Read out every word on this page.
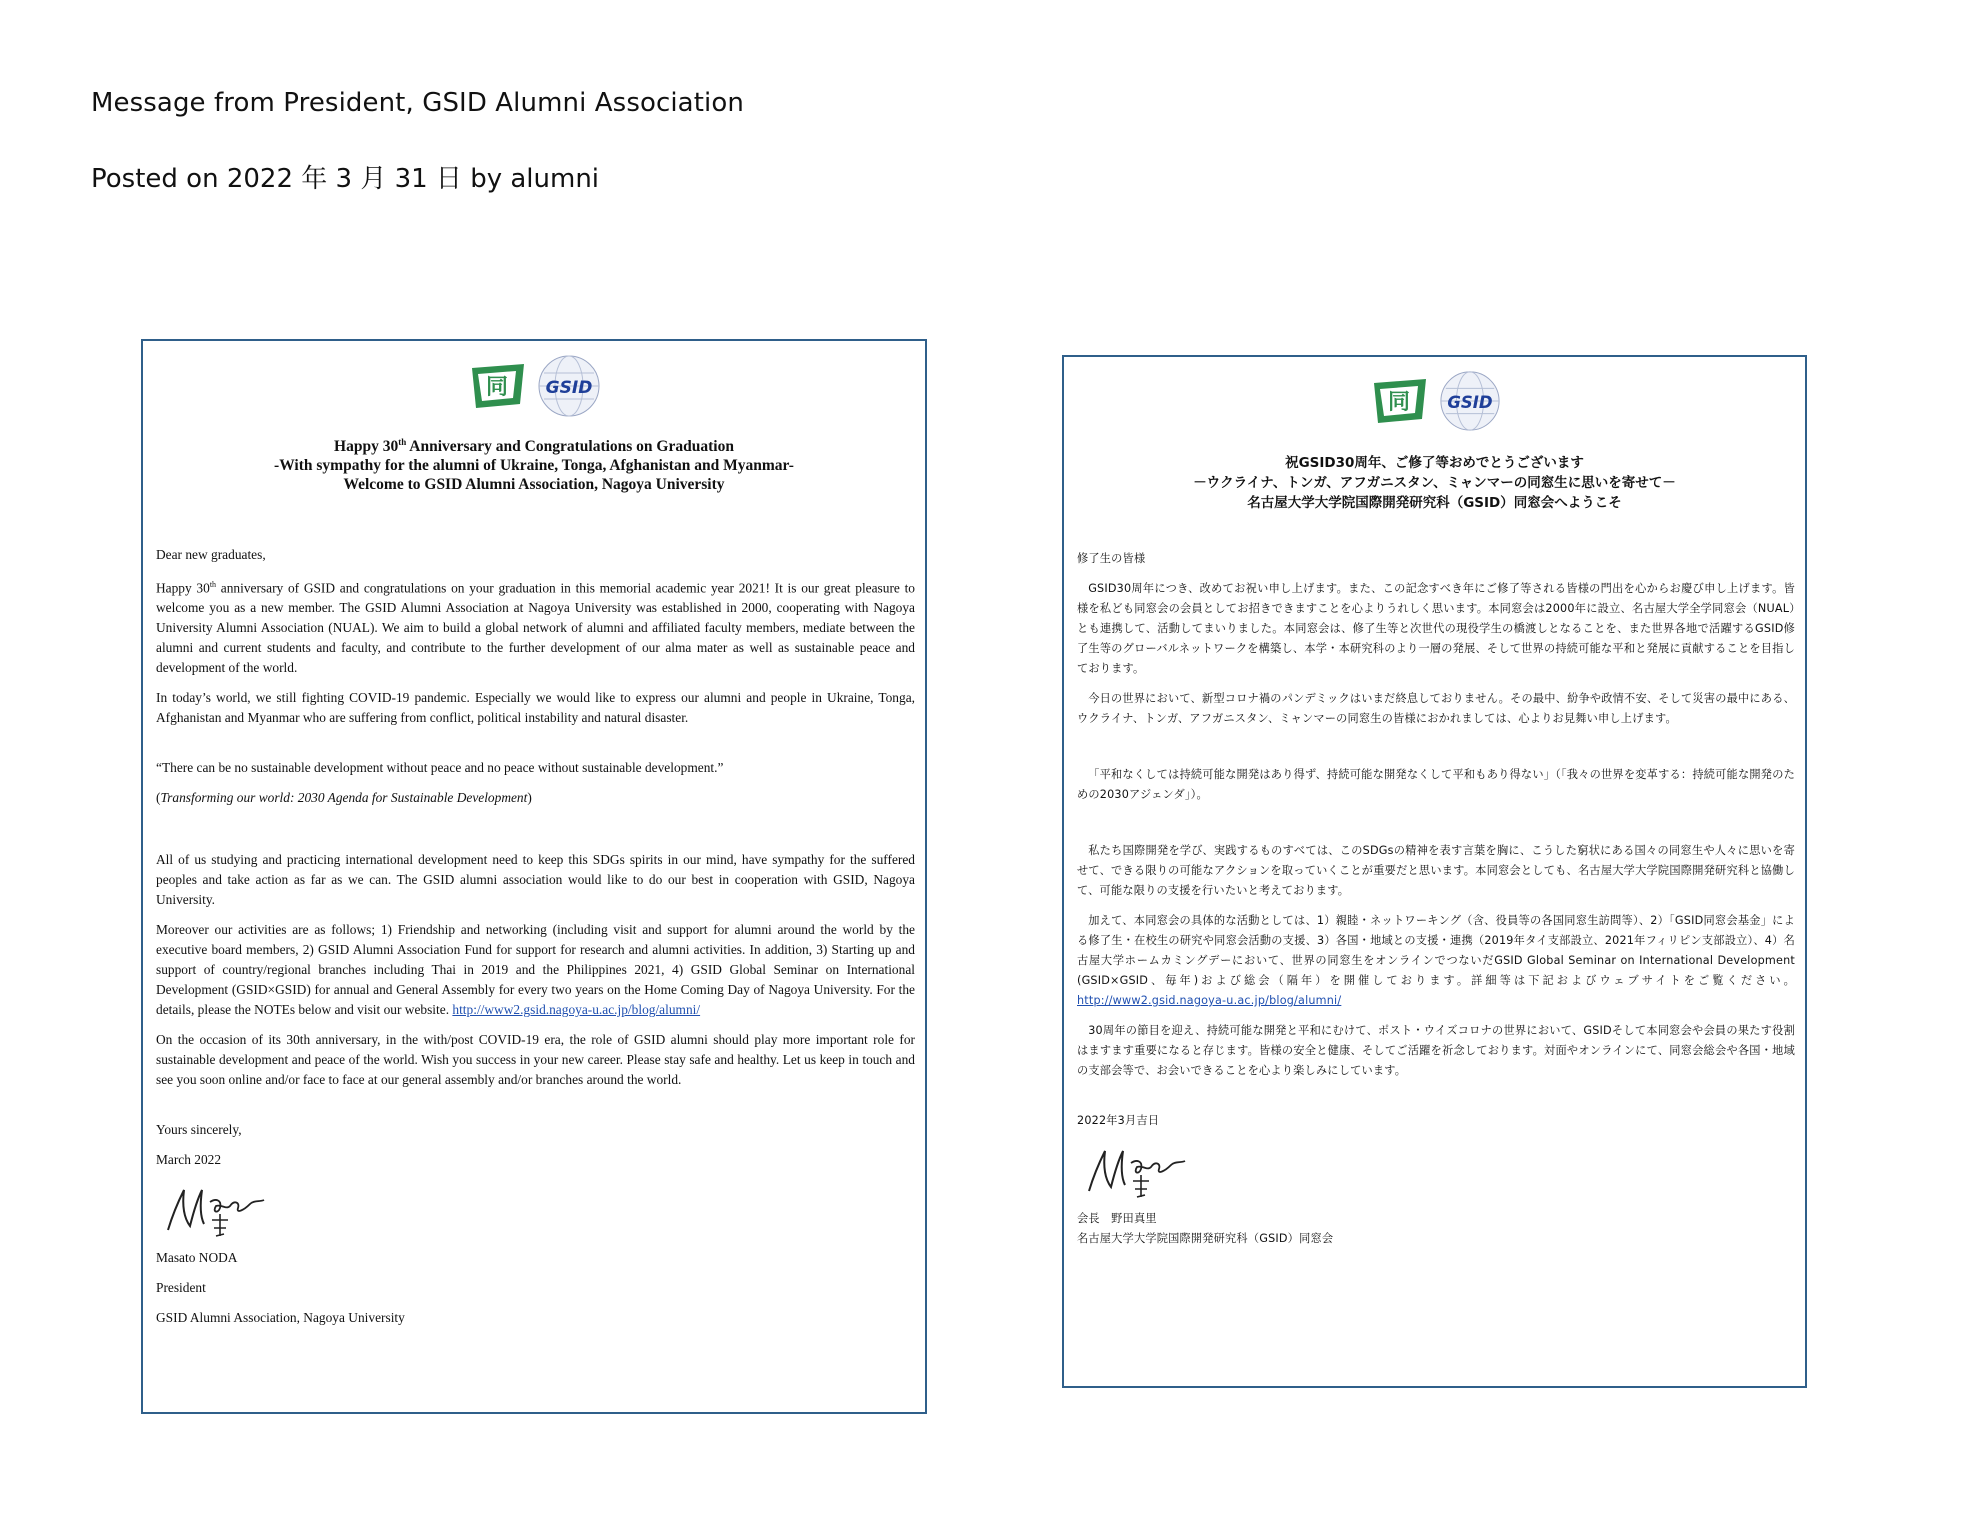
Message from President, GSID Alumni Association

Posted on 2022 年 3 月 31 日 by alumni

同 GSID
Happy 30th Anniversary and Congratulations on Graduation
-With sympathy for the alumni of Ukraine, Tonga, Afghanistan and Myanmar-
Welcome to GSID Alumni Association, Nagoya University

Dear new graduates,

Happy 30th anniversary of GSID and congratulations on your graduation in this memorial academic year 2021! It is our great pleasure to welcome you as a new member. The GSID Alumni Association at Nagoya University was established in 2000, cooperating with Nagoya University Alumni Association (NUAL). We aim to build a global network of alumni and affiliated faculty members, mediate between the alumni and current students and faculty, and contribute to the further development of our alma mater as well as sustainable peace and development of the world.

In today’s world, we still fighting COVID-19 pandemic. Especially we would like to express our alumni and people in Ukraine, Tonga, Afghanistan and Myanmar who are suffering from conflict, political instability and natural disaster.

“There can be no sustainable development without peace and no peace without sustainable development.”

(Transforming our world: 2030 Agenda for Sustainable Development)

All of us studying and practicing international development need to keep this SDGs spirits in our mind, have sympathy for the suffered peoples and take action as far as we can. The GSID alumni association would like to do our best in cooperation with GSID, Nagoya University.

Moreover our activities are as follows; 1) Friendship and networking (including visit and support for alumni around the world by the executive board members, 2) GSID Alumni Association Fund for support for research and alumni activities. In addition, 3) Starting up and support of country/regional branches including Thai in 2019 and the Philippines 2021, 4) GSID Global Seminar on International Development (GSID×GSID) for annual and General Assembly for every two years on the Home Coming Day of Nagoya University. For the details, please the NOTEs below and visit our website. http://www2.gsid.nagoya-u.ac.jp/blog/alumni/

On the occasion of its 30th anniversary, in the with/post COVID-19 era, the role of GSID alumni should play more important role for sustainable development and peace of the world. Wish you success in your new career. Please stay safe and healthy. Let us keep in touch and see you soon online and/or face to face at our general assembly and/or branches around the world.

Yours sincerely,

March 2022

Masato NODA

President

GSID Alumni Association, Nagoya University

同 GSID
祝GSID30周年、ご修了等おめでとうございます
－ウクライナ、トンガ、アフガニスタン、ミャンマーの同窓生に思いを寄せて－
名古屋大学大学院国際開発研究科（GSID）同窓会へようこそ

修了生の皆様

GSID30周年につき、改めてお祝い申し上げます。また、この記念すべき年にご修了等される皆様の門出を心からお慶び申し上げます。皆様を私ども同窓会の会員としてお招きできますことを心よりうれしく思います。本同窓会は2000年に設立、名古屋大学全学同窓会（NUAL）とも連携して、活動してまいりました。本同窓会は、修了生等と次世代の現役学生の橋渡しとなることを、また世界各地で活躍するGSID修了生等のグローバルネットワークを構築し、本学・本研究科のより一層の発展、そして世界の持続可能な平和と発展に貢献することを目指しております。

今日の世界において、新型コロナ禍のパンデミックはいまだ終息しておりません。その最中、紛争や政情不安、そして災害の最中にある、ウクライナ、トンガ、アフガニスタン、ミャンマーの同窓生の皆様におかれましては、心よりお見舞い申し上げます。

「平和なくしては持続可能な開発はあり得ず、持続可能な開発なくして平和もあり得ない」（「我々の世界を変革する：持続可能な開発のための2030アジェンダ」）。

私たち国際開発を学び、実践するものすべては、このSDGsの精神を表す言葉を胸に、こうした窮状にある国々の同窓生や人々に思いを寄せて、できる限りの可能なアクションを取っていくことが重要だと思います。本同窓会としても、名古屋大学大学院国際開発研究科と協働して、可能な限りの支援を行いたいと考えております。

加えて、本同窓会の具体的な活動としては、1）親睦・ネットワーキング（含、役員等の各国同窓生訪問等）、2）「GSID同窓会基金」による修了生・在校生の研究や同窓会活動の支援、3）各国・地域との支援・連携（2019年タイ支部設立、2021年フィリピン支部設立）、4）名古屋大学ホームカミングデーにおいて、世界の同窓生をオンラインでつないだGSID Global Seminar on International Development (GSID×GSID、毎年)および総会（隔年）を開催しております。詳細等は下記およびウェブサイトをご覧ください。http://www2.gsid.nagoya-u.ac.jp/blog/alumni/

30周年の節目を迎え、持続可能な開発と平和にむけて、ポスト・ウイズコロナの世界において、GSIDそして本同窓会や会員の果たす役割はますます重要になると存じます。皆様の安全と健康、そしてご活躍を祈念しております。対面やオンラインにて、同窓会総会や各国・地域の支部会等で、お会いできることを心より楽しみにしています。

2022年3月吉日

会長　野田真里

名古屋大学大学院国際開発研究科（GSID）同窓会
